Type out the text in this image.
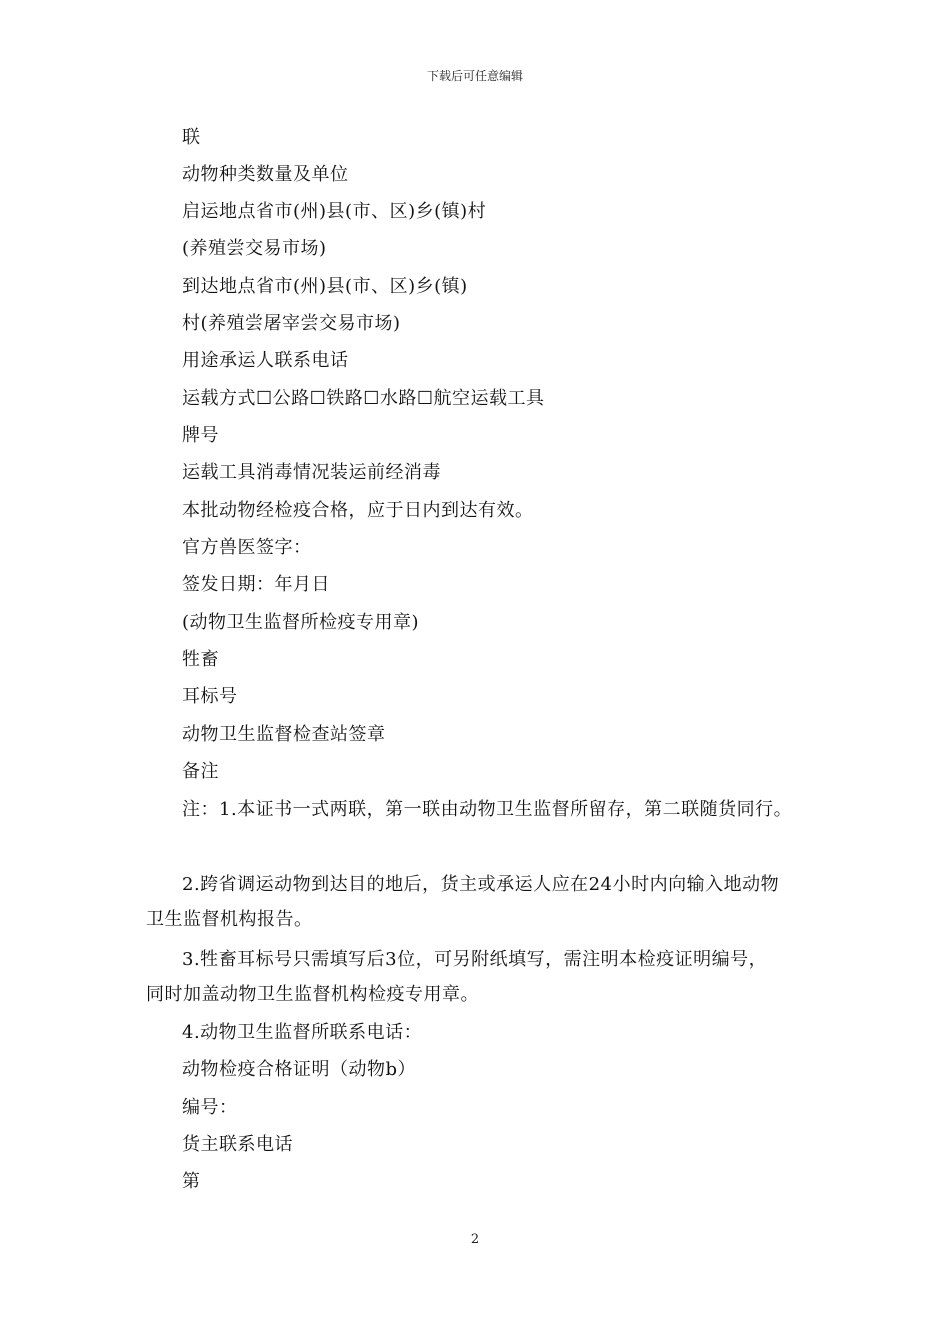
下载后可任意编辑
联
动物种类数量及单位
启运地点省市(州)县(市、区)乡(镇)村
(养殖尝交易市场)
到达地点省市(州)县(市、区)乡(镇)
村(养殖尝屠宰尝交易市场)
用途承运人联系电话
运载方式☐公路☐铁路☐水路☐航空运载工具
牌号
运载工具消毒情况装运前经消毒
本批动物经检疫合格，应于日内到达有效。
官方兽医签字：
签发日期：年月日
(动物卫生监督所检疫专用章)
牲畜
耳标号
动物卫生监督检查站签章
备注
注：1.本证书一式两联，第一联由动物卫生监督所留存，第二联随货同行。
2.跨省调运动物到达目的地后，货主或承运人应在24小时内向输入地动物
卫生监督机构报告。
3.牲畜耳标号只需填写后3位，可另附纸填写，需注明本检疫证明编号，
同时加盖动物卫生监督机构检疫专用章。
4.动物卫生监督所联系电话：
动物检疫合格证明（动物b）
编号：
货主联系电话
第
2
